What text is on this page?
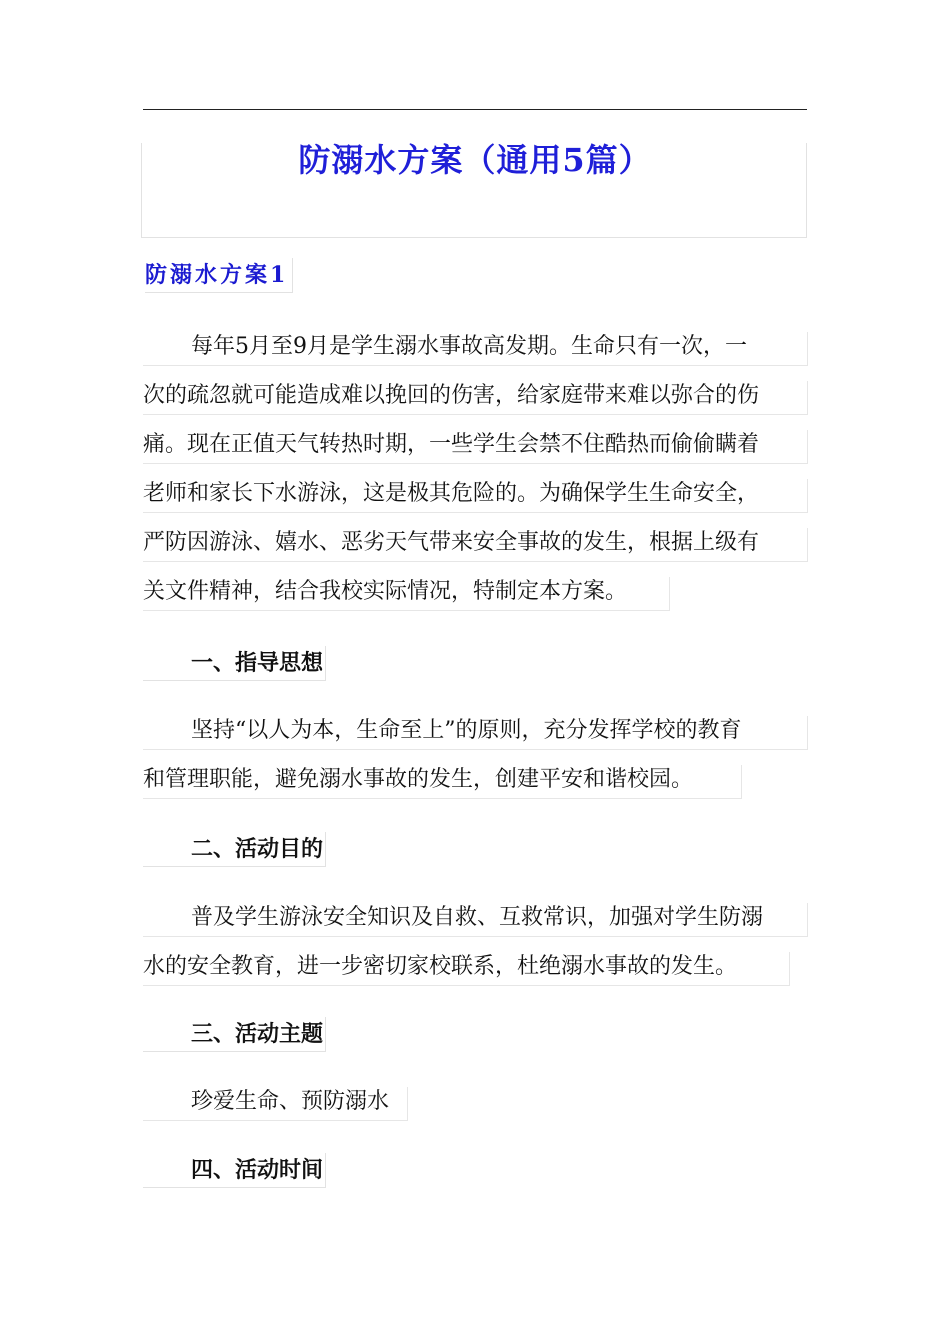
防溺水方案（通用5篇）
防溺水方案1
每年5月至9月是学生溺水事故高发期。生命只有一次，一
次的疏忽就可能造成难以挽回的伤害，给家庭带来难以弥合的伤
痛。现在正值天气转热时期，一些学生会禁不住酷热而偷偷瞒着
老师和家长下水游泳，这是极其危险的。为确保学生生命安全，
严防因游泳、嬉水、恶劣天气带来安全事故的发生，根据上级有
关文件精神，结合我校实际情况，特制定本方案。
一、指导思想
坚持“以人为本，生命至上”的原则，充分发挥学校的教育
和管理职能，避免溺水事故的发生，创建平安和谐校园。
二、活动目的
普及学生游泳安全知识及自救、互救常识，加强对学生防溺
水的安全教育，进一步密切家校联系，杜绝溺水事故的发生。
三、活动主题
珍爱生命、预防溺水
四、活动时间
